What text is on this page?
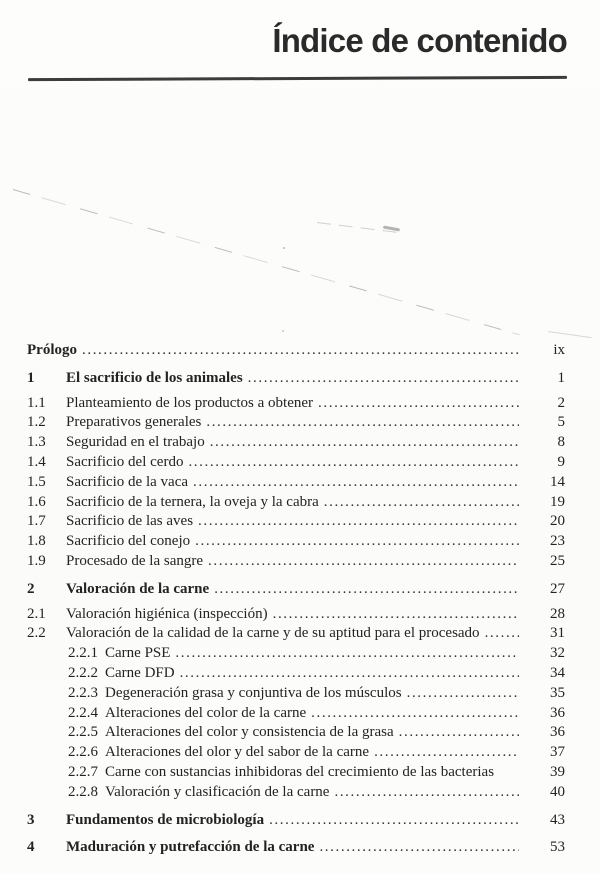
Índice de contenido
Prólogo .....	ix
1	El sacrificio de los animales .....	1
1.1	Planteamiento de los productos a obtener .....	2
1.2	Preparativos generales .....	5
1.3	Seguridad en el trabajo .....	8
1.4	Sacrificio del cerdo .....	9
1.5	Sacrificio de la vaca .....	14
1.6	Sacrificio de la ternera, la oveja y la cabra .....	19
1.7	Sacrificio de las aves .....	20
1.8	Sacrificio del conejo .....	23
1.9	Procesado de la sangre .....	25
2	Valoración de la carne .....	27
2.1	Valoración higiénica (inspección) .....	28
2.2	Valoración de la calidad de la carne y de su aptitud para el procesado .....	31
2.2.1 Carne PSE .....	32
2.2.2 Carne DFD .....	34
2.2.3 Degeneración grasa y conjuntiva de los músculos .....	35
2.2.4 Alteraciones del color de la carne .....	36
2.2.5 Alteraciones del color y consistencia de la grasa .....	36
2.2.6 Alteraciones del olor y del sabor de la carne .....	37
2.2.7 Carne con sustancias inhibidoras del crecimiento de las bacterias	39
2.2.8 Valoración y clasificación de la carne .....	40
3	Fundamentos de microbiología .....	43
4	Maduración y putrefacción de la carne .....	53
